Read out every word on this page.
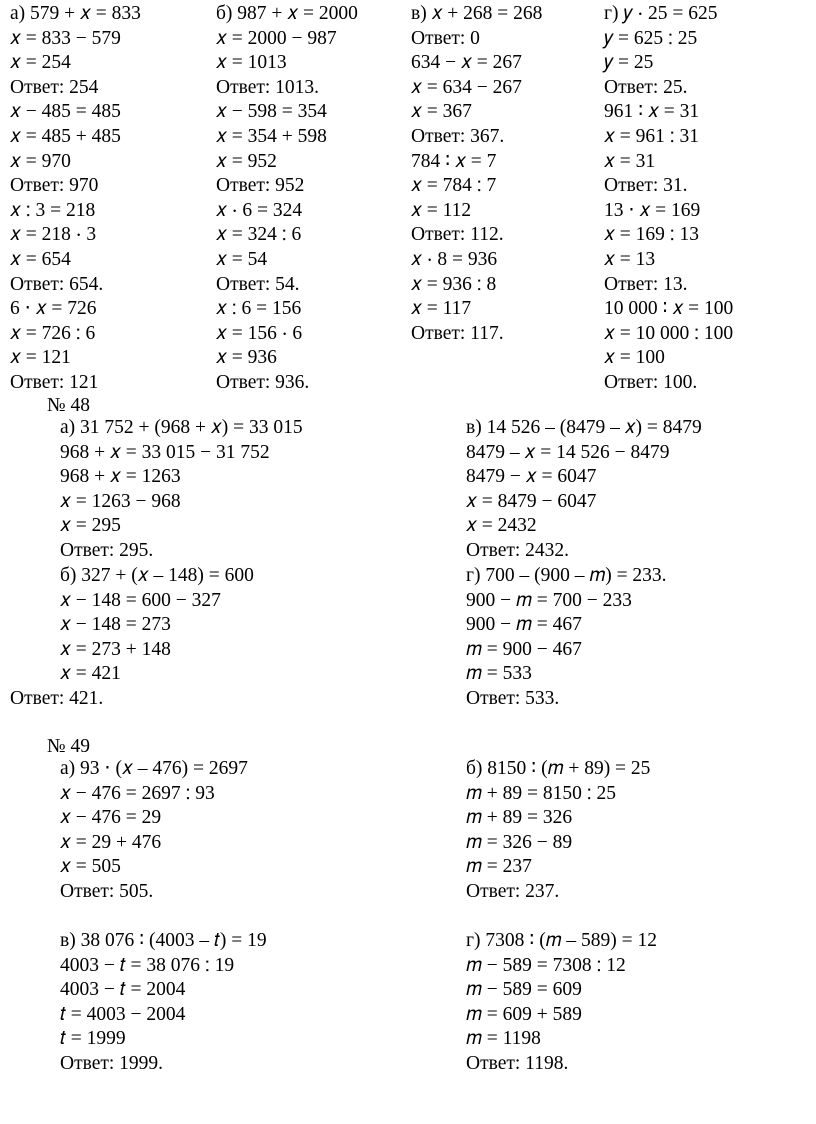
а) 579 + 𝑥 = 833
𝑥 = 833 − 579
𝑥 = 254
Ответ: 254
𝑥 − 485 = 485
𝑥 = 485 + 485
𝑥 = 970
Ответ: 970
𝑥 ∶ 3 = 218
𝑥 = 218 ⋅ 3
𝑥 = 654
Ответ: 654.
6 ⋅ 𝑥 = 726
𝑥 = 726 ∶ 6
𝑥 = 121
Ответ: 121
б) 987 + 𝑥 = 2000
𝑥 = 2000 − 987
𝑥 = 1013
Ответ: 1013.
𝑥 − 598 = 354
𝑥 = 354 + 598
𝑥 = 952
Ответ: 952
𝑥 ⋅ 6 = 324
𝑥 = 324 ∶ 6
𝑥 = 54
Ответ: 54.
𝑥 ∶ 6 = 156
𝑥 = 156 ⋅ 6
𝑥 = 936
Ответ: 936.
в) 𝑥 + 268 = 268
Ответ: 0
634 − 𝑥 = 267
𝑥 = 634 − 267
𝑥 = 367
Ответ: 367.
784 ∶ 𝑥 = 7
𝑥 = 784 ∶ 7
𝑥 = 112
Ответ: 112.
𝑥 ⋅ 8 = 936
𝑥 = 936 ∶ 8
𝑥 = 117
Ответ: 117.
г) 𝑦 ⋅ 25 = 625
𝑦 = 625 ∶ 25
𝑦 = 25
Ответ: 25.
961 ∶ 𝑥 = 31
𝑥 = 961 ∶ 31
𝑥 = 31
Ответ: 31.
13 ⋅ 𝑥 = 169
𝑥 = 169 ∶ 13
𝑥 = 13
Ответ: 13.
10 000 ∶ 𝑥 = 100
𝑥 = 10 000 ∶ 100
𝑥 = 100
Ответ: 100.
№ 48
а) 31 752 + (968 + 𝑥) = 33 015
968 + 𝑥 = 33 015 − 31 752
968 + 𝑥 = 1263
𝑥 = 1263 − 968
𝑥 = 295
Ответ: 295.
б) 327 + (𝑥 – 148) = 600
𝑥 − 148 = 600 − 327
𝑥 − 148 = 273
𝑥 = 273 + 148
𝑥 = 421
Ответ: 421.
в) 14 526 – (8479 – 𝑥) = 8479
8479 – 𝑥 = 14 526 − 8479
8479 − 𝑥 = 6047
𝑥 = 8479 − 6047
𝑥 = 2432
Ответ: 2432.
г) 700 – (900 – 𝑚) = 233.
900 − 𝑚 = 700 − 233
900 − 𝑚 = 467
𝑚 = 900 − 467
𝑚 = 533
Ответ: 533.
№ 49
а) 93 ⋅ (𝑥 – 476) = 2697
𝑥 − 476 = 2697 ∶ 93
𝑥 − 476 = 29
𝑥 = 29 + 476
𝑥 = 505
Ответ: 505.
б) 8150 ∶ (𝑚 + 89) = 25
𝑚 + 89 = 8150 ∶ 25
𝑚 + 89 = 326
𝑚 = 326 − 89
𝑚 = 237
Ответ: 237.
в) 38 076 ∶ (4003 – 𝑡) = 19
4003 − 𝑡 = 38 076 ∶ 19
4003 − 𝑡 = 2004
𝑡 = 4003 − 2004
𝑡 = 1999
Ответ: 1999.
г) 7308 ∶ (𝑚 – 589) = 12
𝑚 − 589 = 7308 ∶ 12
𝑚 − 589 = 609
𝑚 = 609 + 589
𝑚 = 1198
Ответ: 1198.
